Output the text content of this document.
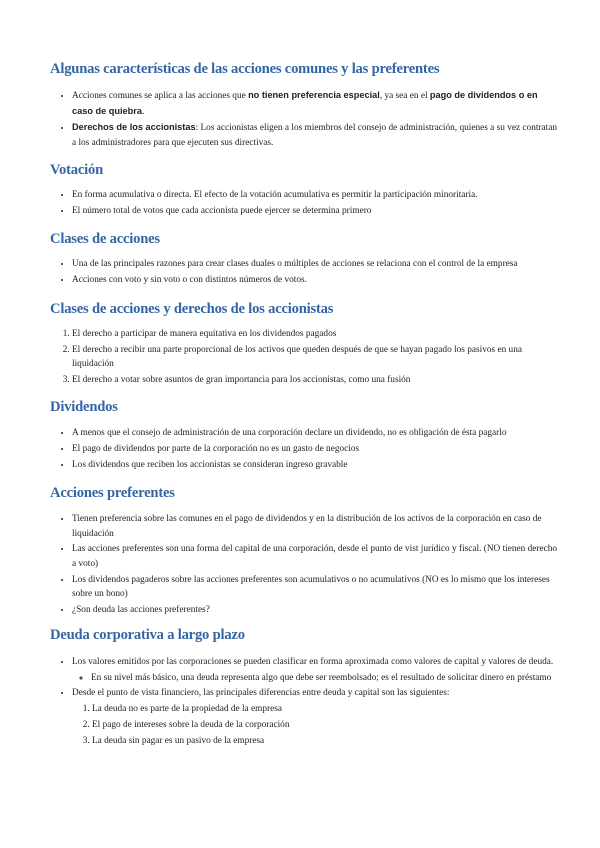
Algunas características de las acciones comunes y las preferentes
• Acciones comunes se aplica a las acciones que no tienen preferencia especial, ya sea en el pago de dividendos o en caso de quiebra.
• Derechos de los accionistas: Los accionistas eligen a los miembros del consejo de administración, quienes a su vez contratan a los administradores para que ejecuten sus directivas.
Votación
• En forma acumulativa o directa. El efecto de la votación acumulativa es permitir la participación minoritaria.
• El número total de votos que cada accionista puede ejercer se determina primero
Clases de acciones
• Una de las principales razones para crear clases duales o múltiples de acciones se relaciona con el control de la empresa
• Acciones con voto y sin voto o con distintos números de votos.
Clases de acciones y derechos de los accionistas
1. El derecho a participar de manera equitativa en los dividendos pagados
2. El derecho a recibir una parte proporcional de los activos que queden después de que se hayan pagado los pasivos en una liquidación
3. El derecho a votar sobre asuntos de gran importancia para los accionistas, como una fusión
Dividendos
• A menos que el consejo de administración de una corporación declare un dividendo, no es obligación de ésta pagarlo
• El pago de dividendos por parte de la corporación no es un gasto de negocios
• Los dividendos que reciben los accionistas se consideran ingreso gravable
Acciones preferentes
• Tienen preferencia sobre las comunes en el pago de dividendos y en la distribución de los activos de la corporación en caso de liquidación
• Las acciones preferentes son una forma del capital de una corporación, desde el punto de vist jurídico y fiscal. (NO tienen derecho a voto)
• Los dividendos pagaderos sobre las acciones preferentes son acumulativos o no acumulativos (NO es lo mismo que los intereses sobre un bono)
• ¿Son deuda las acciones preferentes?
Deuda corporativa a largo plazo
• Los valores emitidos por las corporaciones se pueden clasificar en forma aproximada como valores de capital y valores de deuda.
◦ En su nivel más básico, una deuda representa algo que debe ser reembolsado; es el resultado de solicitar dinero en préstamo
• Desde el punto de vista financiero, las principales diferencias entre deuda y capital son las siguientes:
1. La deuda no es parte de la propiedad de la empresa
2. El pago de intereses sobre la deuda de la corporación
3. La deuda sin pagar es un pasivo de la empresa
